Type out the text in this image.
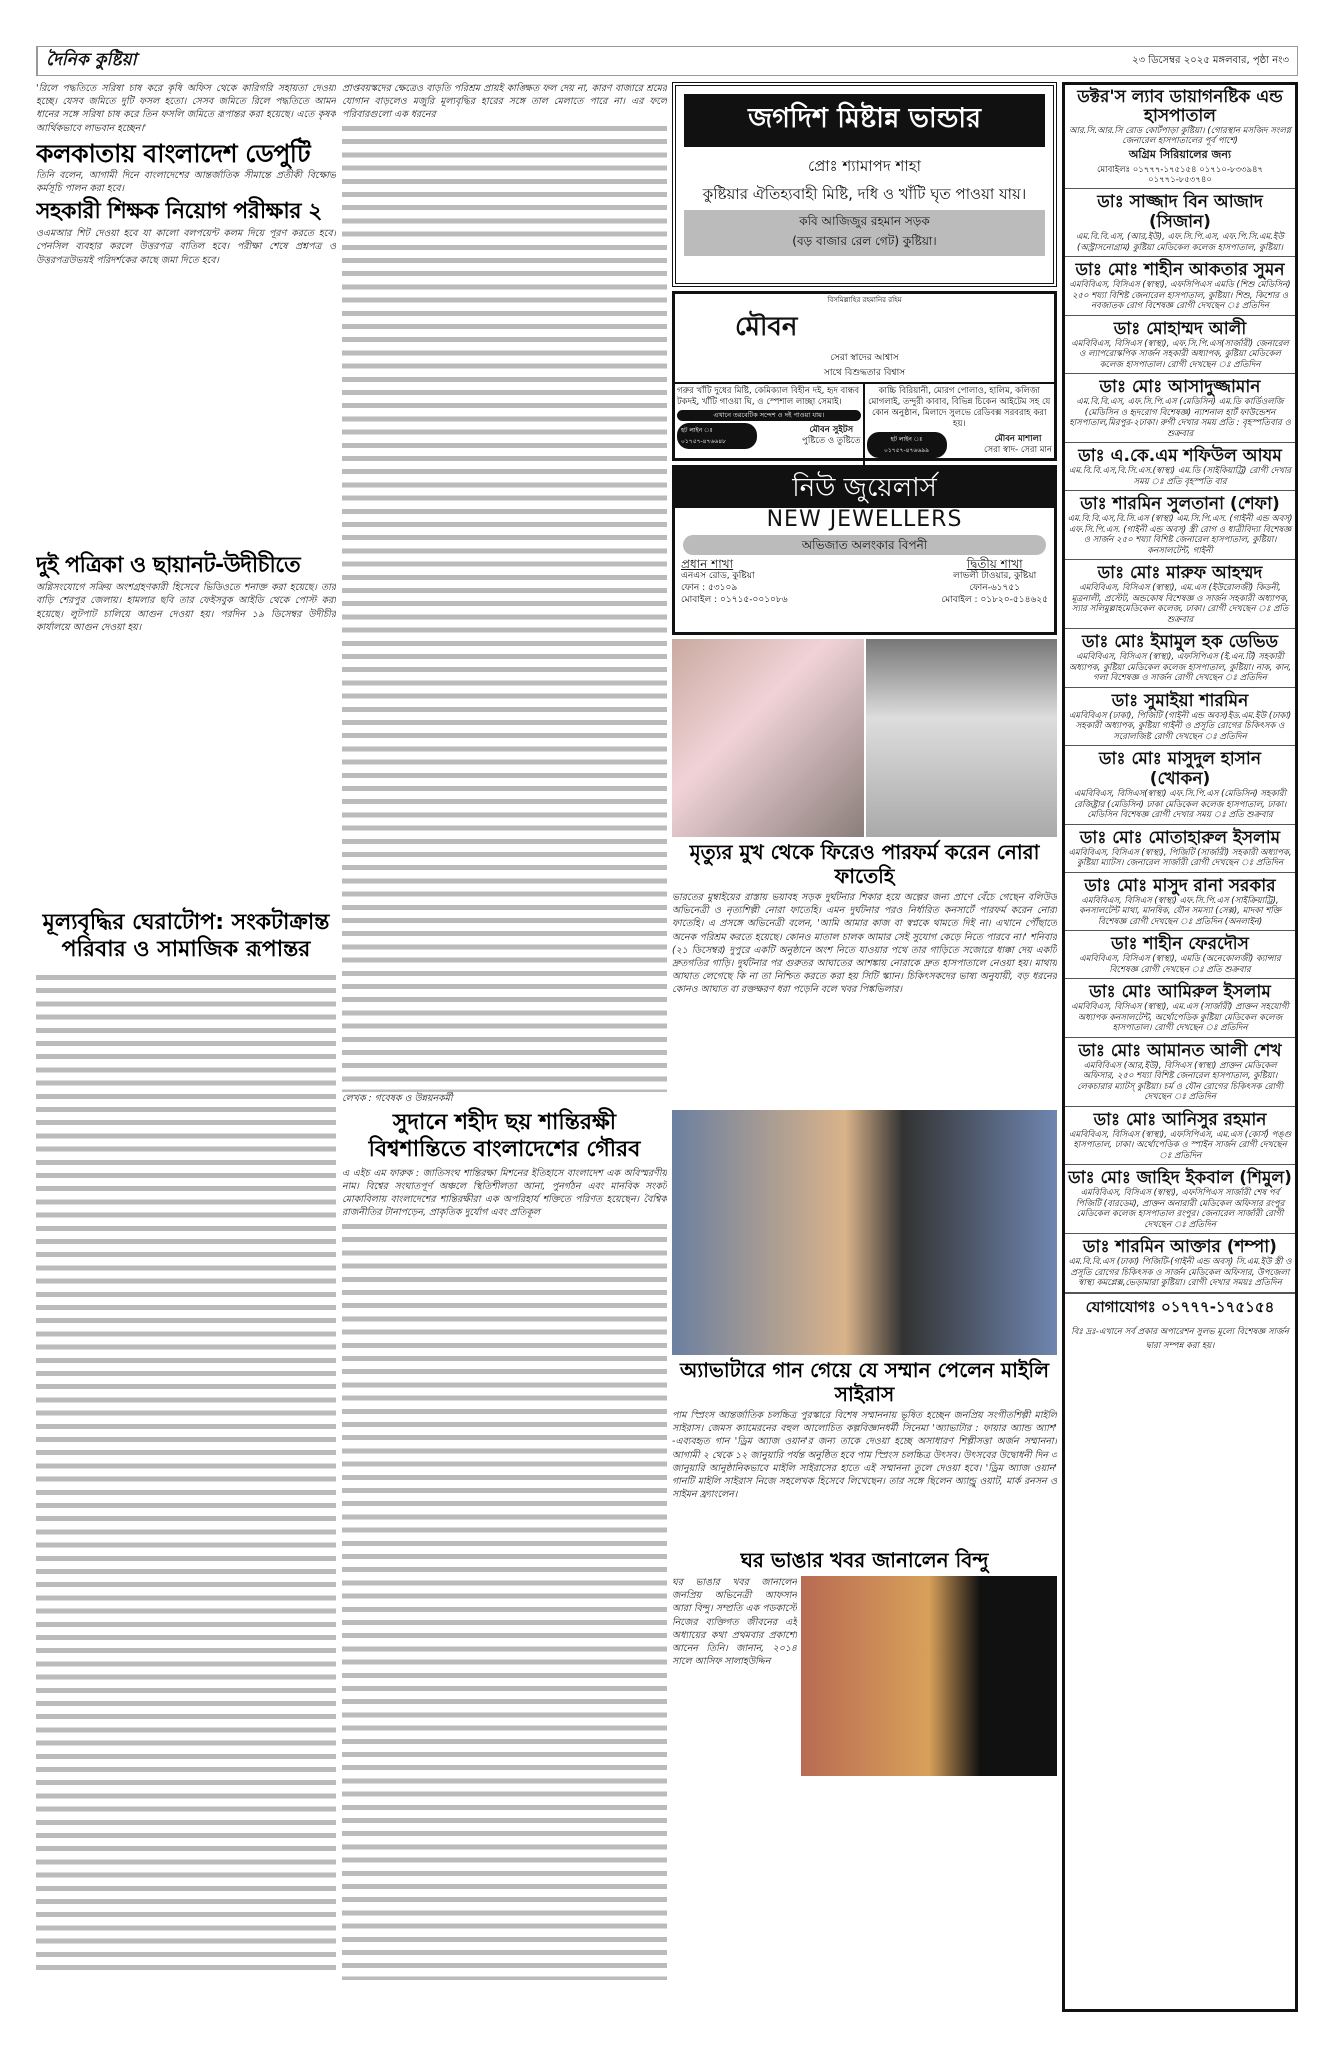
দৈনিক কুষ্টিয়া	২৩ ডিসেম্বর ২০২৫ মঙ্গলবার, পৃষ্ঠা নং৩

'রিলে পদ্ধতিতে সরিষা চাষ করে কৃষি অফিস থেকে কারিগরি সহায়তা দেওয়া হচ্ছে। যেসব জমিতে দুটি ফসল হতো। সেসব জমিতে রিলে পদ্ধতিতে আমন ধানের সঙ্গে সরিষা চাষ করে তিন ফসলি জমিতে রূপান্তর করা হয়েছে। এতে কৃষক আর্থিকভাবে লাভবান হচ্ছেন।'

কলকাতায় বাংলাদেশ ডেপুটি

তিনি বলেন, আগামী দিনে বাংলাদেশের আন্তর্জাতিক সীমান্তে প্রতীকী বিক্ষোভ কর্মসূচি পালন করা হবে।

সহকারী শিক্ষক নিয়োগ পরীক্ষার ২

ওএমআর শিট দেওয়া হবে যা কালো বলপয়েন্ট কলম দিয়ে পূরণ করতে হবে। পেনসিল ব্যবহার করলে উত্তরপত্র বাতিল হবে। পরীক্ষা শেষে প্রশ্নপত্র ও উত্তরপত্রউভয়ই পরিদর্শকের কাছে জমা দিতে হবে।

দুই পত্রিকা ও ছায়ানট-উদীচীতে

অগ্নিসংযোগে সক্রিয় অংশগ্রহণকারী হিসেবে ভিডিওতে শনাক্ত করা হয়েছে। তার বাড়ি শেরপুর জেলায়। হামলার ছবি তার ফেইসবুক আইডি থেকে পোস্ট করা হয়েছে। লুটপাট চালিয়ে আগুন দেওয়া হয়। পরদিন ১৯ ডিসেম্বর উদীচীর কার্যালয়ে আগুন দেওয়া হয়।

মূল্যবৃদ্ধির ঘেরাটোপ: সংকটাক্রান্ত পরিবার ও সামাজিক রূপান্তর

প্রাপ্তবয়স্কদের ক্ষেত্রেও বাড়তি পরিশ্রম প্রায়ই কাঙ্ক্ষিত ফল দেয় না, কারণ বাজারে শ্রমের যোগান বাড়লেও মজুরি মূল্যবৃদ্ধির হারের সঙ্গে তাল মেলাতে পারে না। এর ফলে পরিবারগুলো এক ধরনের

লেখক : গবেষক ও উন্নয়নকর্মী

সুদানে শহীদ ছয় শান্তিরক্ষী বিশ্বশান্তিতে বাংলাদেশের গৌরব

এ এইচ এম ফারুক : জাতিসংঘ শান্তিরক্ষা মিশনের ইতিহাসে বাংলাদেশ এক অবিস্মরণীয় নাম। বিশ্বের সংঘাতপূর্ণ অঞ্চলে স্থিতিশীলতা আনা, পুনর্গঠন এবং মানবিক সংকট মোকাবিলায় বাংলাদেশের শান্তিরক্ষীরা এক অপরিহার্য শক্তিতে পরিণত হয়েছেন। বৈশ্বিক রাজনীতির টানাপড়েন, প্রাকৃতিক দুর্যোগ এবং প্রতিকূল

জগদিশ মিষ্টান্ন ভান্ডার
প্রোঃ শ্যামাপদ শাহা
কুষ্টিয়ার ঐতিহ্যবাহী মিষ্টি, দধি ও খাঁটি ঘৃত পাওয়া যায়।
কবি আজিজুর রহমান সড়ক
(বড় বাজার রেল গেট) কুষ্টিয়া।
বিসমিল্লাহির রহমানির রহিম
মৌবন
সেরা স্বাদের আশ্বাস
সাথে বিশুদ্ধতার বিশ্বাস
গরুর খাঁটি দুধের মিষ্টি, কেমিক্যাল বিহীন দই, হৃদ বান্ধব টকদই, খাঁটি গাওয়া ঘি, ও স্পেশাল লাচ্ছা সেমাই।
এখানে তরবেটিক সন্দেশ ও দই পাওয়া যায়।
হট লাইন ঃ ০১৭৫৭-৪৭৬৬৪৮
মৌবন সুইটস
পুষ্টিতে ও তুষ্টিতে
কাচ্চি বিরিয়ানী, মোরগ পোলাও, হালিম, কলিজা মোগলাই, তন্দুরী কাবাব, বিভিন্ন চিকেন আইটেম সহ যে কোন অনুষ্ঠান, মিলাদে সুলভে রেডিবক্স সরবরাহ করা হয়।
হট লাইন ঃ ০১৭৫৭-৪৭৬৬৯৯
মৌবন মাশালা
সেরা স্বাদ- সেরা মান
নিউ জুয়েলার্স
NEW JEWELLERS
অভিজাত অলংকার বিপনী
প্রধান শাখা
এনএস রোড, কুষ্টিয়া
ফোন : ৫৩১০৯
মোবাইল : ০১৭১৫-০০১০৮৬
দ্বিতীয় শাখা
লাভলী টাওয়ার, কুষ্টিয়া
ফোন-৬১৭৫১
মোবাইল : ০১৮২০-৫১৪৬২৫
মৃত্যুর মুখ থেকে ফিরেও পারফর্ম করেন নোরা ফাতেহি

ভারতের মুম্বাইয়ের রাস্তায় ভয়াবহ সড়ক দুর্ঘটনার শিকার হয়ে অল্পের জন্য প্রাণে বেঁচে গেছেন বলিউড অভিনেত্রী ও নৃত্যশিল্পী নোরা ফাতেহি। এমন দুর্ঘটনার পরও নির্ধারিত কনসার্টে পারফর্ম করেন নোরা ফাতেহি। এ প্রসঙ্গে অভিনেত্রী বলেন, 'আমি আমার কাজ বা স্বপ্নকে থামতে দিই না। এখানে পৌঁছাতে অনেক পরিশ্রম করতে হয়েছে। কোনও মাতাল চালক আমার সেই সুযোগ কেড়ে নিতে পারবে না।' শনিবার (২১ ডিসেম্বর) দুপুরে একটি অনুষ্ঠানে অংশ নিতে যাওয়ার পথে তার গাড়িতে সজোরে ধাক্কা দেয় একটি দ্রুতগতির গাড়ি। দুর্ঘটনার পর গুরুতর আঘাতের আশঙ্কায় নোরাকে দ্রুত হাসপাতালে নেওয়া হয়। মাথায় আঘাত লেগেছে কি না তা নিশ্চিত করতে করা হয় সিটি স্ক্যান। চিকিৎসকদের ভাষ্য অনুযায়ী, বড় ধরনের কোনও আঘাত বা রক্তক্ষরণ ধরা পড়েনি বলে খবর পিঙ্কভিলার।

অ্যাভাটারে গান গেয়ে যে সম্মান পেলেন মাইলি সাইরাস

পাম স্প্রিংস আন্তর্জাতিক চলচ্চিত্র পুরস্কারে বিশেষ সম্মাননায় ভূষিত হচ্ছেন জনপ্রিয় সংগীতশিল্পী মাইলি সাইরাস। জেমস ক্যামেরনের বহুল আলোচিত কল্পবিজ্ঞানধর্মী সিনেমা 'অ্যাভাটার : ফায়ার অ্যান্ড অ্যাশ' -এব্যবহৃত গান 'ড্রিম অ্যাজ ওয়ান'র জন্য তাকে দেওয়া হচ্ছে অসাধারণ শিল্পীসত্তা অর্জন সম্মাননা। আগামী ২ থেকে ১২ জানুয়ারি পর্যন্ত অনুষ্ঠিত হবে পাম স্প্রিংস চলচ্চিত্র উৎসব। উৎসবের উদ্বোধনী দিন ৩ জানুয়ারি আনুষ্ঠানিকভাবে মাইলি সাইরাসের হাতে এই সম্মাননা তুলে দেওয়া হবে। 'ড্রিম অ্যাজ ওয়ান' গানটি মাইলি সাইরাস নিজে সহলেখক হিসেবে লিখেছেন। তার সঙ্গে ছিলেন অ্যান্ড্রু ওয়াট, মার্ক রনসন ও সাইমন ফ্র্যাংলেন।

ঘর ভাঙার খবর জানালেন বিন্দু

ঘর ভাঙার খবর জানালেন জনপ্রিয় অভিনেত্রী আফসান আরা বিন্দু। সম্প্রতি এক পডকাস্টে নিজের ব্যক্তিগত জীবনের এই অধ্যায়ের কথা প্রথমবার প্রকাশ্যে আনেন তিনি। জানান, ২০১৪ সালে আসিফ সালাহউদ্দিন

ডক্টর'স ল্যাব ডায়াগনষ্টিক এন্ড হাসপাতাল
আর.সি.আর.সি রোড কোর্টপাড়া কুষ্টিয়া। (গোরস্থান মসজিদ সংলগ্ন জেনারেল হাসপাতালের পূর্ব পাশে)
অগ্রিম সিরিয়ালের জন্য
মোবাইলঃ ০১৭৭৭-১৭৫১৫৪ ০১৭১০-৮৩৩৯৪৭ ০১৭৭১-৮৫৩৭৪০
ডাঃ সাজ্জাদ বিন আজাদ (সিজান)
এম.বি.বি.এস, (আর,ইউ), এফ.সি.পি.এস, এফ.পি.সি.এম.ইউ (অস্ট্রাসনোগ্রাম) কুষ্টিয়া মেডিকেল কলেজ হাসপাতাল, কুষ্টিয়া।
ডাঃ মোঃ শাহীন আকতার সুমন
এমবিবিএস, বিসিএস (স্বাস্থ্য), এফসিপিএস এমডি (শিশু মেডিসিন) ২৫০ শয্যা বিশিষ্ট জেনারেল হাসপাতাল, কুষ্টিয়া। শিশু, কিশোর ও নবজাতক রোগ বিশেষজ্ঞ রোগী দেখছেন ঃ প্রতিদিন
ডাঃ মোহাম্মদ আলী
এমবিবিএস, বিসিএস (স্বাস্থ্য), এফ.সি.পি.এস(সার্জারী) জেনারেল ও ল্যাপরোস্কপিক সার্জন সহকারী অধ্যাপক, কুষ্টিয়া মেডিকেল কলেজ হাসপাতাল। রোগী দেখছেন ঃ প্রতিদিন
ডাঃ মোঃ আসাদুজ্জামান
এম.বি.বি.এস, এফ.সি.পি.এস (মেডিসিন) এম.ডি কার্ডিওলজি (মেডিসিন ও হৃদরোগ বিশেষজ্ঞ) ন্যাশনাল হার্ট ফাউন্ডেশন হাসপাতাল,মিরপুর-২ঢাকা। রুগী দেখার সময় প্রতি : বৃহস্পতিবার ও শুক্রবার
ডাঃ এ.কে.এম শফিউল আযম
এম.বি.বি.এস,বি.সি.এস.(স্বাস্থ্য) এম.ডি (সাইকিয়াট্রি) রোগী দেখার সময় ঃ প্রতি বৃহস্পতি বার
ডাঃ শারমিন সুলতানা (শেফা)
এম.বি.বি.এস,বি.সি.এস (স্বাস্থ্য) এম.সি.পি.এস. (গাইনী এন্ড অবস্) এফ.সি.পি.এস. (গাইনী এন্ড অবস্) স্ত্রী রোগ ও ধাত্রীবিদ্যা বিশেষজ্ঞ ও সার্জন ২৫০ শয্যা বিশিষ্ট জেনারেল হাসপাতাল, কুষ্টিয়া। কনসালটেন্ট, গাইনী
ডাঃ মোঃ মারুফ আহম্মদ
এমবিবিএস, বিসিএস (স্বাস্থ্য), এম.এস (ইউরোলজী) কিডনী, মূত্রনালী, প্রস্টেট, অন্ডকোষ বিশেষজ্ঞ ও সার্জন সহকারী অধ্যাপক, স্যার সলিমুল্লাহমেডিকেল কলেজ, ঢাকা। রোগী দেখছেন ঃ প্রতি শুক্রবার
ডাঃ মোঃ ইমামুল হক ডেভিড
এমবিবিএস, বিসিএস (স্বাস্থ্য), এফসিপিএস (ই.এন.টি) সহকারী অধ্যাপক, কুষ্টিয়া মেডিকেল কলেজ হাসপাতাল, কুষ্টিয়া। নাক, কান, গলা বিশেষজ্ঞ ও সার্জন রোগী দেখছেন ঃ প্রতিদিন
ডাঃ সুমাইয়া শারমিন
এমবিবিএস (ঢাকা), পিজিটি (গাইনী এন্ড অবস)ইড.এম.ইউ (ঢাকা) সহকারী অধ্যাপক, কুষ্টিয়া গাইনী ও প্রসূতি রোগের চিকিৎসক ও সরোলজিষ্ট রোগী দেখছেন ঃ প্রতিদিন
ডাঃ মোঃ মাসুদুল হাসান (খোকন)
এমবিবিএস, বিসিএস(স্বাস্থ্য) এফ.সি.পি.এস (মেডিসিন) সহকারী রেজিষ্ট্রার (মেডিসিন) ঢাকা মেডিকেল কলেজ হাসপাতাল, ঢাকা। মেডিসিন বিশেষজ্ঞ রোগী দেখার সময় ঃ প্রতি শুক্রবার
ডাঃ মোঃ মোতাহারুল ইসলাম
এমবিবিএস, বিসিএস (স্বাস্থ্য), পিজিটি (সার্জারী) সহকারী অধ্যাপক, কুষ্টিয়া ম্যাটস। জেনারেল সার্জারী রোগী দেখছেন ঃ প্রতিদিন
ডাঃ মোঃ মাসুদ রানা সরকার
এমবিবিএস, বিসিএস (স্বাস্থ্য) এফ.সি.পি.এস (সাইক্রিয়াট্রি), কনসালটেন্ট মাথা, মানষিক, যৌন সমস্যা (সেক্স), মাদকা শক্তি বিশেষজ্ঞ রোগী দেখছেন ঃ প্রতিদিন (অনলাইন)
ডাঃ শাহীন ফেরদৌস
এমবিবিএস, বিসিএস (স্বাস্থ্য), এমডি (অনেকোলজী) ক্যান্সার বিশেষজ্ঞ রোগী দেখছেন ঃ প্রতি শুক্রবার
ডাঃ মোঃ আমিরুল ইসলাম
এমবিবিএস, বিসিএস (স্বাস্থ্য), এম.এস (সার্জারী) প্রাক্তন সহযোগী অধ্যাপক কনসালটেন্ট, অর্থোপেডিক কুষ্টিয়া মেডিকেল কলেজ হাসপাতাল। রোগী দেখছেন ঃ প্রতিদিন
ডাঃ মোঃ আমানত আলী শেখ
এমবিবিএস (আর,ইউ), বিসিএস (স্বাস্থ্য) প্রাক্তন মেডিকেল অফিসার, ২৫০ শয্যা বিশিষ্ট জেনারেল হাসপাতাল, কুষ্টিয়া। লেকচারার ম্যাটস্ কুষ্টিয়া। চর্ম ও যৌন রোগের চিকিৎসক রোগী দেখছেন ঃ প্রতিদিন
ডাঃ মোঃ আনিসুর রহমান
এমবিবিএস, বিসিএস (স্বাস্থ্য), এফসিপিএস, এম.এস (কোর্স) পঙ্গু হাসপাতাল, ঢাকা। অর্থোপেডিক ও স্পাইন সার্জন রোগী দেখছেন ঃ প্রতিদিন
ডাঃ মোঃ জাহিদ ইকবাল (শিমুল)
এমবিবিএস, বিসিএস (স্বাস্থ্য), এফসিপিএস সার্জারী শেষ পর্ব পিজিটি (বারডেম), প্রাক্তন অনারারী মেডিকেল অফিসার রংপুর মেডিকেল কলেজ হাসপাতাল রংপুর। জেনারেল সার্জারী রোগী দেখছেন ঃ প্রতিদিন
ডাঃ শারমিন আক্তার (শম্পা)
এম.বি.বি.এস (ঢাকা) পিজিটি-(গাইনী এন্ড অবস্) সি.এম.ইউ স্ত্রী ও প্রসূতি রোগের চিকিৎসক ও সার্জন মেডিকেল অফিসার, উপজেলা স্বাস্থ্য কমপ্লেক্স,ভেড়ামারা কুষ্টিয়া। রোগী দেখার সময়ঃ প্রতিদিন
যোগাযোগঃ ০১৭৭৭-১৭৫১৫৪
বিঃ দ্রঃ-এখানে সর্ব প্রকার অপারেশন সুলভ মূল্যে বিশেষজ্ঞ সার্জন দ্বারা সম্পন্ন করা হয়।
